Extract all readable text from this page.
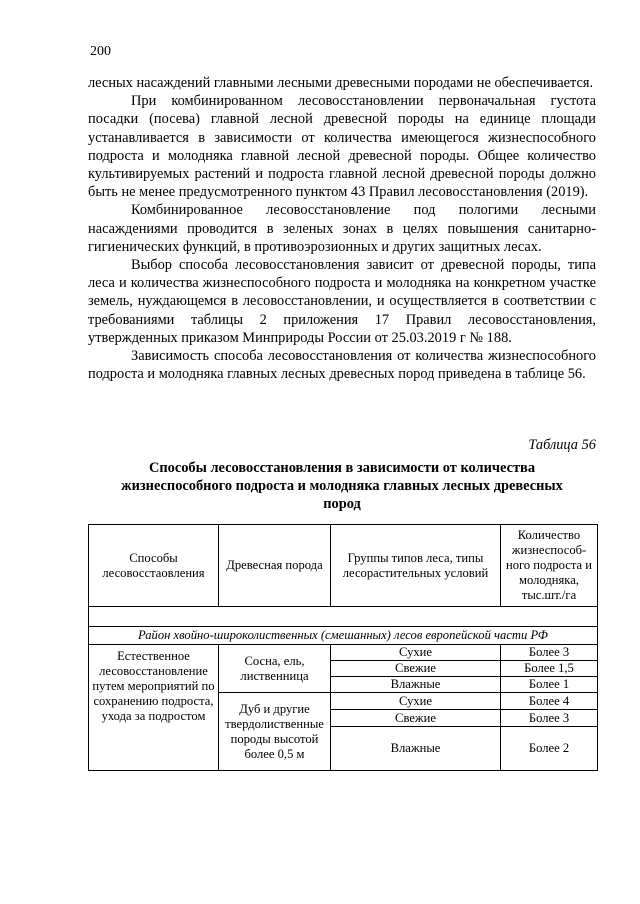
200

лесных насаждений главными лесными древесными породами не обеспечивается.

При комбинированном лесовосстановлении первоначальная густота посадки (посева) главной лесной древесной породы на единице площади устанавливается в зависимости от количества имеющегося жизнеспособного подроста и молодняка главной лесной древесной породы. Общее количество культивируемых растений и подроста главной лесной древесной породы должно быть не менее предусмотренного пунктом 43 Правил лесовосстановления (2019).

Комбинированное лесовосстановление под пологими лесными насаждениями проводится в зеленых зонах в целях повышения санитарно-гигиенических функций, в противоэрозионных и других защитных лесах.

Выбор способа лесовосстановления зависит от древесной породы, типа леса и количества жизнеспособного подроста и молодняка на конкретном участке земель, нуждающемся в лесовосстановлении, и осуществляется в соответствии с требованиями таблицы 2 приложения 17 Правил лесовосстановления, утвержденных приказом Минприроды России от 25.03.2019 г № 188.

Зависимость способа лесовосстановления от количества жизнеспособного подроста и молодняка главных лесных древесных пород приведена в таблице 56.

Таблица 56
Способы лесовосстановления в зависимости от количества жизнеспособного подроста и молодняка главных лесных древесных пород
Способы лесовосстаовления	Древесная порода	Группы типов леса, типы лесорастительных условий	Количество жизнеспособ-ного подроста и молодняка, тыс.шт./га

Район хвойно-широколиственных (смешанных) лесов европейской части РФ			
Естественное лесовосстановление путем мероприятий по сохранению подроста, ухода за подростом	Сосна, ель, лиственница	Сухие	Более 3
		Свежие	Более 1,5
		Влажные	Более 1
	Дуб и другие твердолиственные породы высотой более 0,5 м	Сухие	Более 4
		Свежие	Более 3
		Влажные	Более 2
